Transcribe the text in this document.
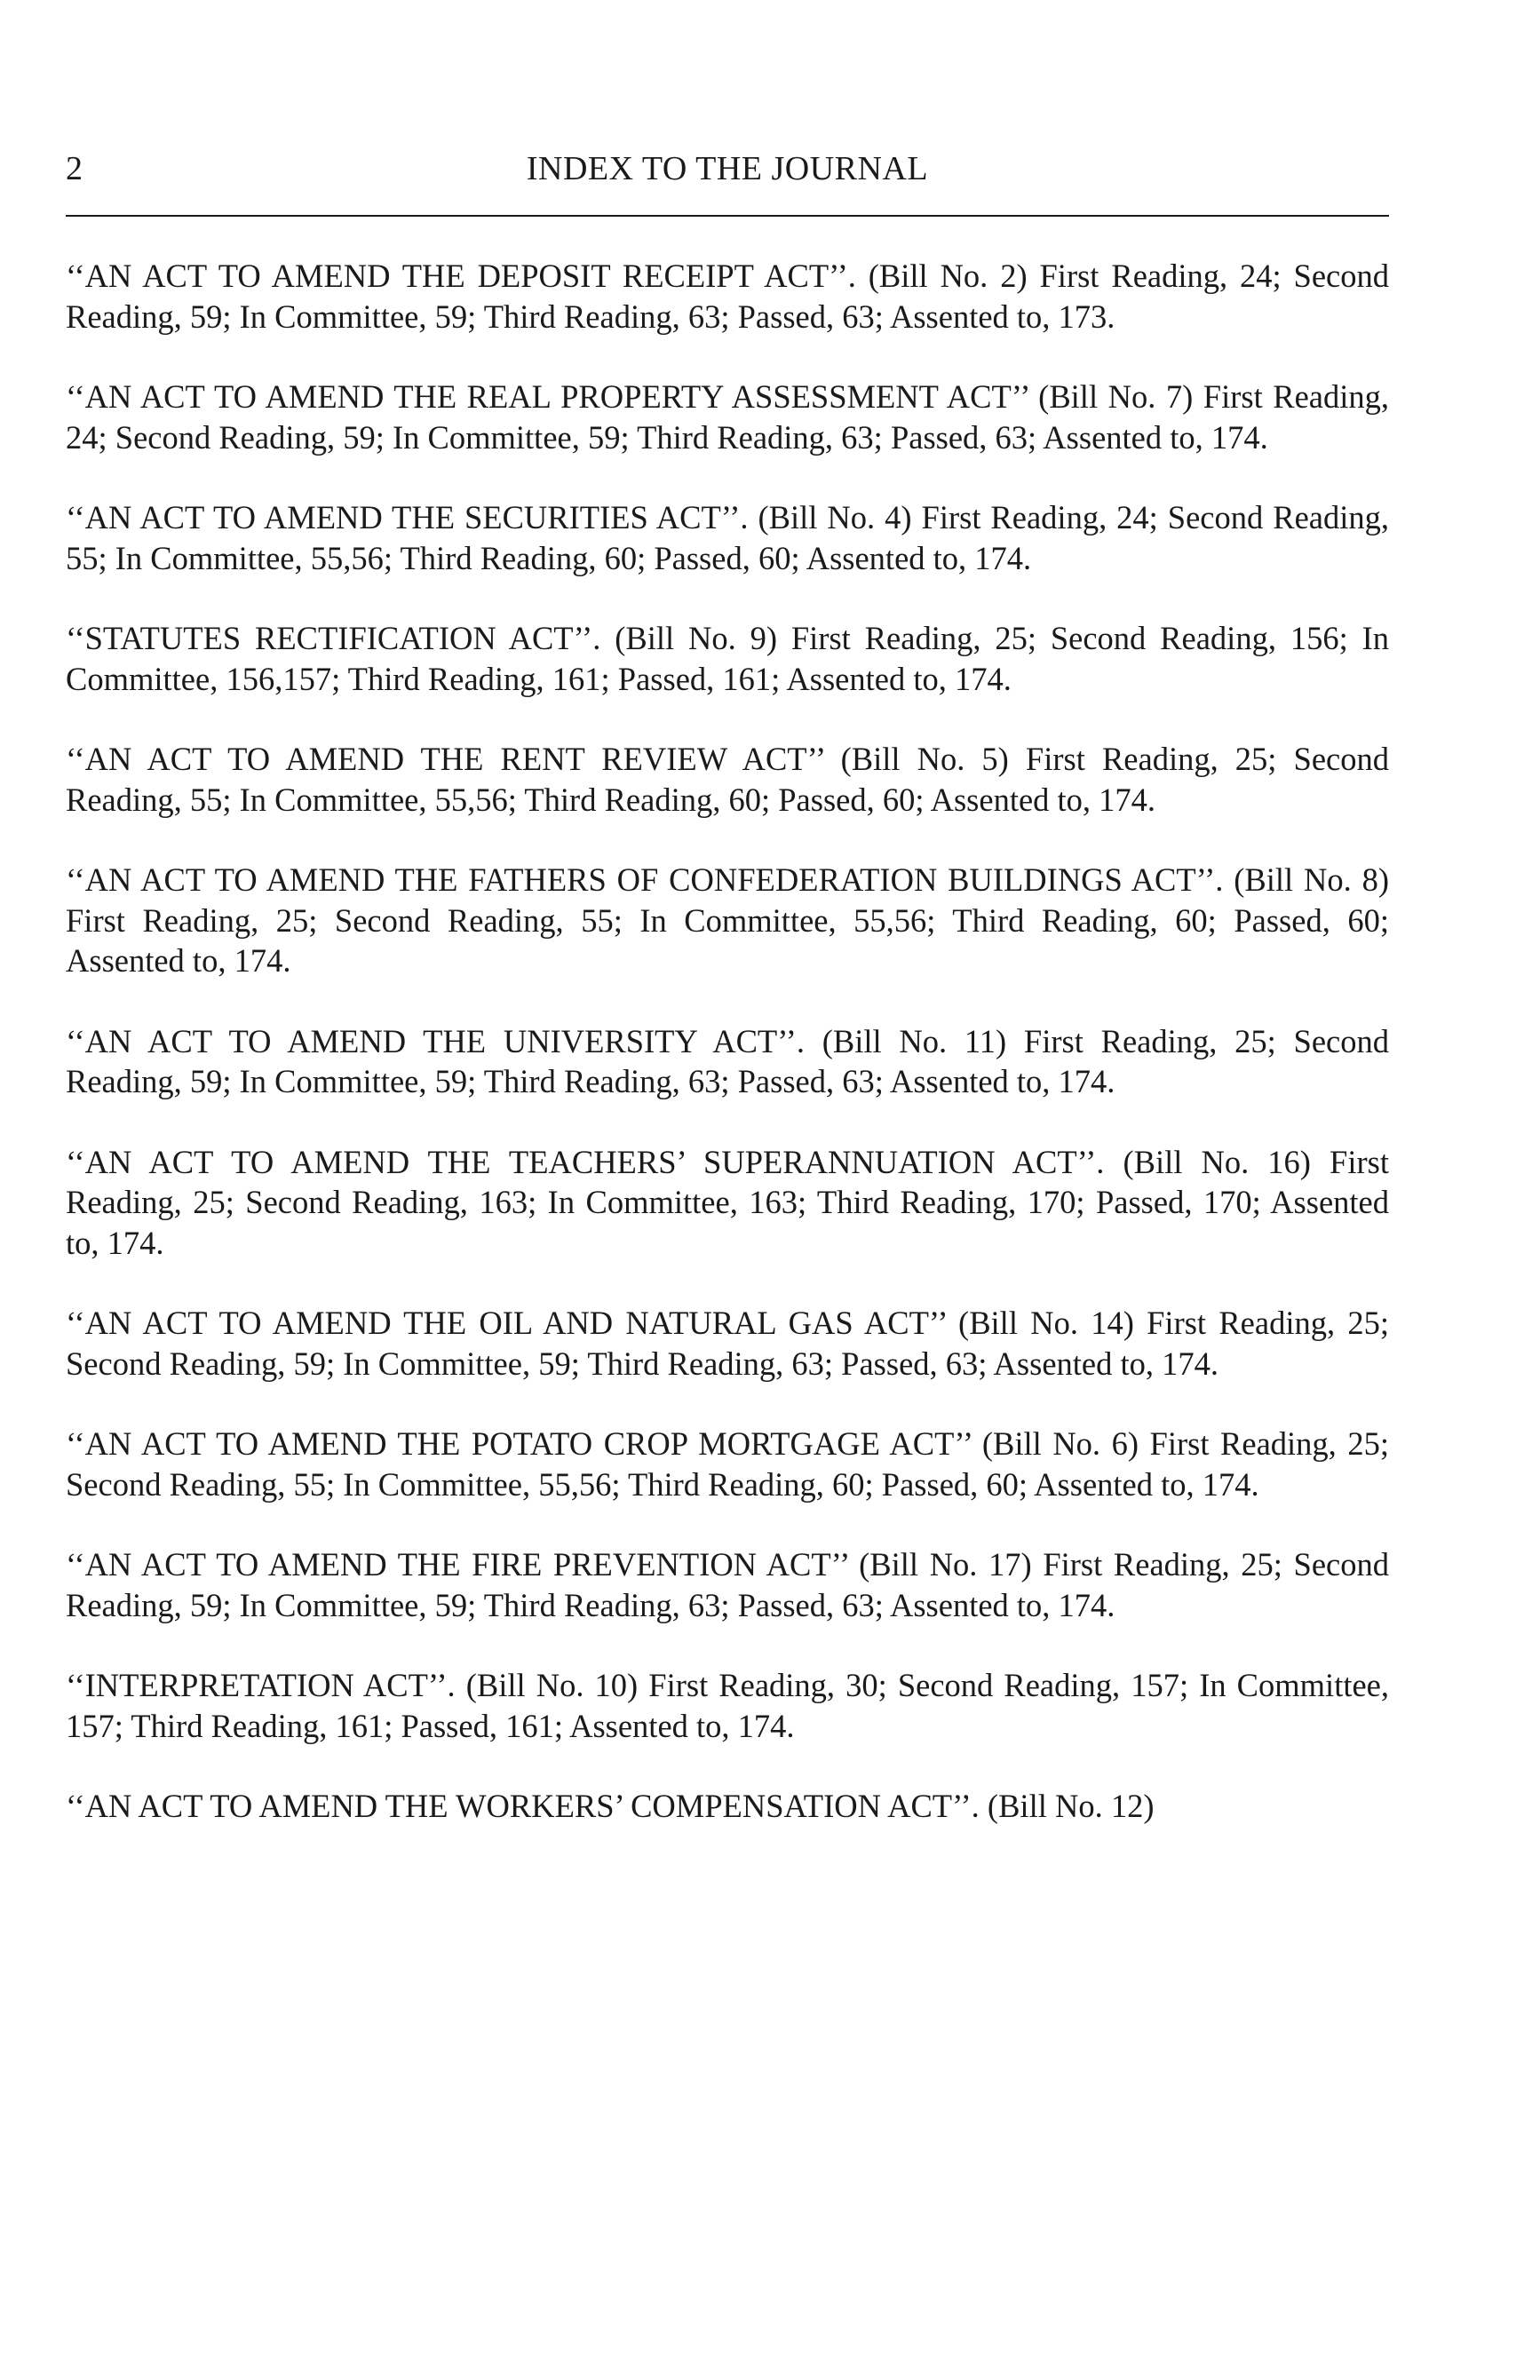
2	INDEX TO THE JOURNAL

‘‘AN ACT TO AMEND THE DEPOSIT RECEIPT ACT’’. (Bill No. 2) First Reading, 24; Second Reading, 59; In Committee, 59; Third Reading, 63; Passed, 63; Assented to, 173.

‘‘AN ACT TO AMEND THE REAL PROPERTY ASSESSMENT ACT’’ (Bill No. 7) First Reading, 24; Second Reading, 59; In Committee, 59; Third Reading, 63; Passed, 63; Assented to, 174.

‘‘AN ACT TO AMEND THE SECURITIES ACT’’. (Bill No. 4) First Reading, 24; Second Reading, 55; In Committee, 55,56; Third Reading, 60; Passed, 60; Assented to, 174.

‘‘STATUTES RECTIFICATION ACT’’. (Bill No. 9) First Reading, 25; Second Reading, 156; In Committee, 156,157; Third Reading, 161; Passed, 161; Assented to, 174.

‘‘AN ACT TO AMEND THE RENT REVIEW ACT’’ (Bill No. 5) First Reading, 25; Second Reading, 55; In Committee, 55,56; Third Reading, 60; Passed, 60; Assented to, 174.

‘‘AN ACT TO AMEND THE FATHERS OF CONFEDERATION BUILDINGS ACT’’. (Bill No. 8) First Reading, 25; Second Reading, 55; In Committee, 55,56; Third Reading, 60; Passed, 60; Assented to, 174.

‘‘AN ACT TO AMEND THE UNIVERSITY ACT’’. (Bill No. 11) First Reading, 25; Second Reading, 59; In Committee, 59; Third Reading, 63; Passed, 63; Assented to, 174.

‘‘AN ACT TO AMEND THE TEACHERS’ SUPERANNUATION ACT’’. (Bill No. 16) First Reading, 25; Second Reading, 163; In Committee, 163; Third Reading, 170; Passed, 170; Assented to, 174.

‘‘AN ACT TO AMEND THE OIL AND NATURAL GAS ACT’’ (Bill No. 14) First Reading, 25; Second Reading, 59; In Committee, 59; Third Reading, 63; Passed, 63; Assented to, 174.

‘‘AN ACT TO AMEND THE POTATO CROP MORTGAGE ACT’’ (Bill No. 6) First Reading, 25; Second Reading, 55; In Committee, 55,56; Third Reading, 60; Passed, 60; Assented to, 174.

‘‘AN ACT TO AMEND THE FIRE PREVENTION ACT’’ (Bill No. 17) First Reading, 25; Second Reading, 59; In Committee, 59; Third Reading, 63; Passed, 63; Assented to, 174.

‘‘INTERPRETATION ACT’’. (Bill No. 10) First Reading, 30; Second Reading, 157; In Committee, 157; Third Reading, 161; Passed, 161; Assented to, 174.

‘‘AN ACT TO AMEND THE WORKERS’ COMPENSATION ACT’’. (Bill No. 12)
